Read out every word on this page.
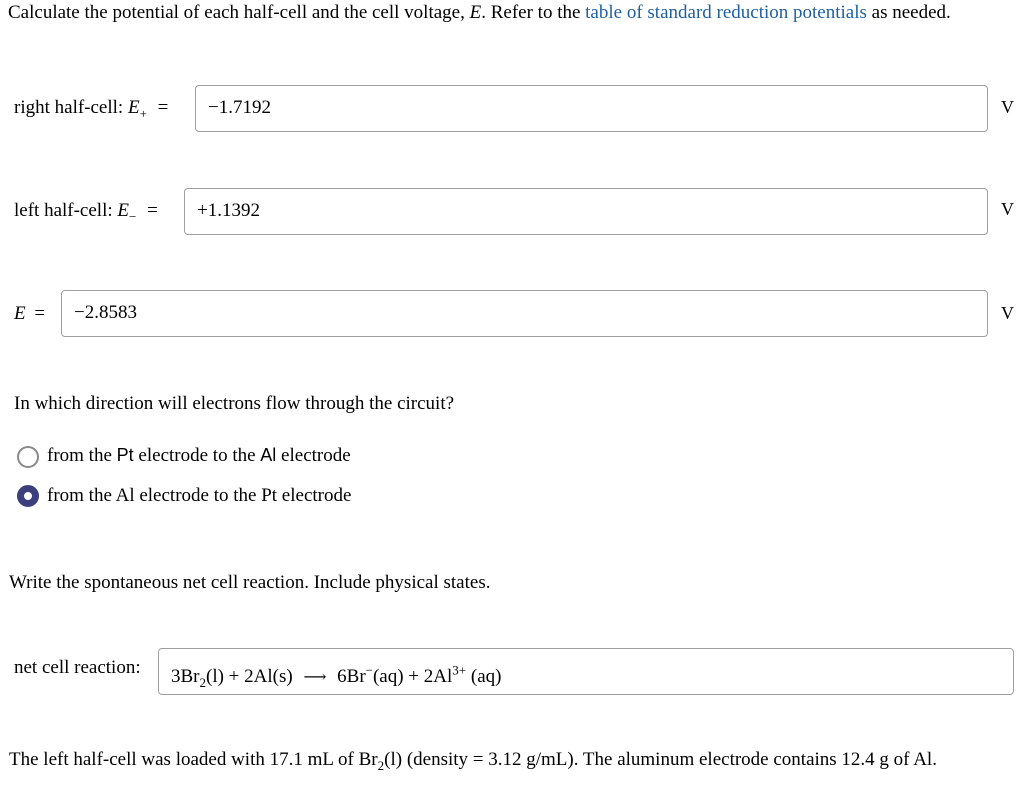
Calculate the potential of each half-cell and the cell voltage, E. Refer to the table of standard reduction potentials as needed.
right half-cell: $E_+$ =	−1.7192	V
left half-cell: $E_-$ =	+1.1392	V
E =	−2.8583	V
In which direction will electrons flow through the circuit?
from the Pt electrode to the Al electrode
from the Al electrode to the Pt electrode
Write the spontaneous net cell reaction. Include physical states.
net cell reaction:	$3Br_2(l) + 2Al(s)$ ⟶ $6Br^-(aq) + 2Al^{3+}$ (aq)
The left half-cell was loaded with 17.1 mL of $Br_2(l)$ (density = 3.12 g/mL). The aluminum electrode contains 12.4 g of Al.
